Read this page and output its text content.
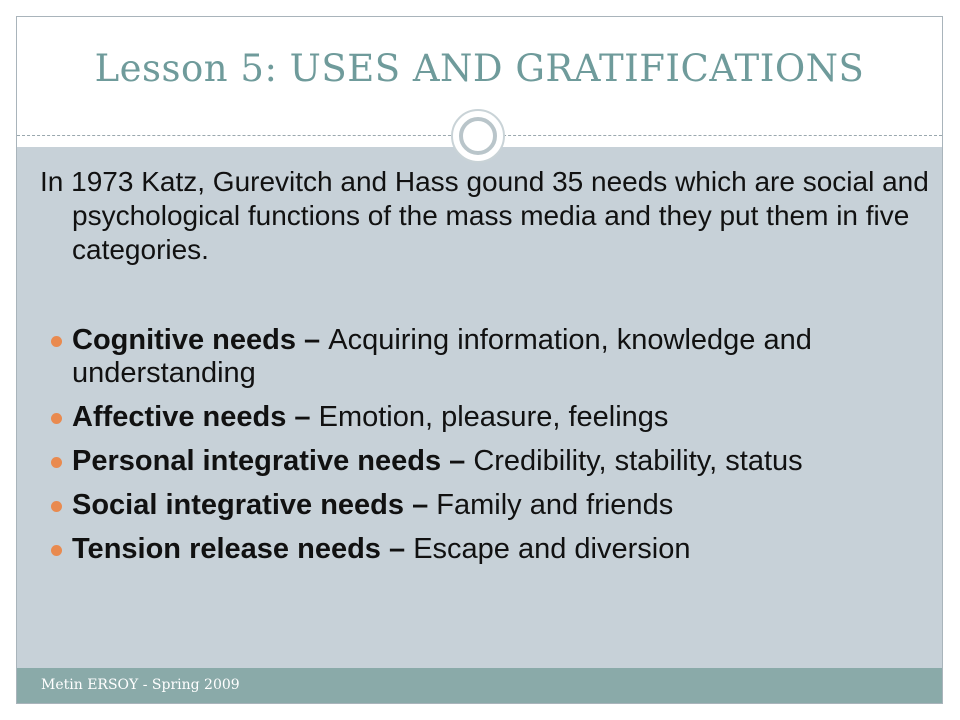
Lesson 5: USES AND GRATIFICATIONS
In 1973 Katz, Gurevitch and Hass gound 35 needs which are social and psychological functions of the mass media and they put them in five categories.
Cognitive needs – Acquiring information, knowledge and understanding
Affective needs – Emotion, pleasure, feelings
Personal integrative needs – Credibility, stability, status
Social integrative needs – Family and friends
Tension release needs – Escape and diversion
Metin ERSOY - Spring 2009
